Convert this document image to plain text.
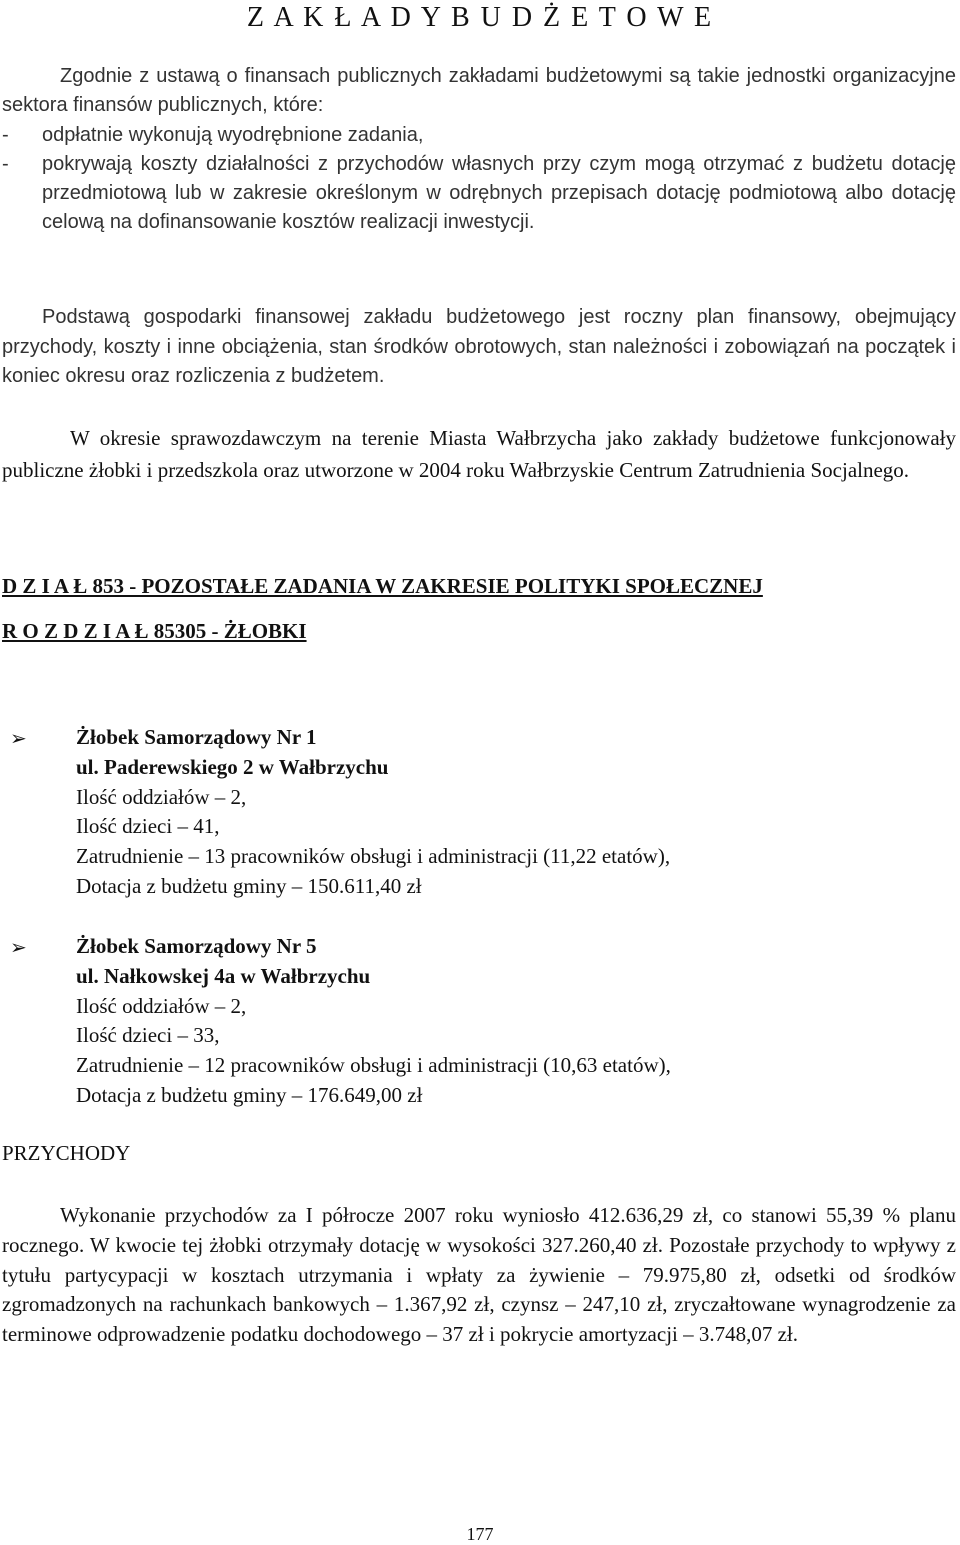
Z A K Ł A D Y B U D Ż E T O W E

Zgodnie z ustawą o finansach publicznych zakładami budżetowymi są takie jednostki organizacyjne sektora finansów publicznych, które:

- odpłatnie wykonują wyodrębnione zadania,

- pokrywają koszty działalności z przychodów własnych przy czym mogą otrzymać z budżetu dotację przedmiotową lub w zakresie określonym w odrębnych przepisach dotację podmiotową albo dotację celową na dofinansowanie kosztów realizacji inwestycji.

Podstawą gospodarki finansowej zakładu budżetowego jest roczny plan finansowy, obejmujący przychody, koszty i inne obciążenia, stan środków obrotowych, stan należności i zobowiązań na początek i koniec okresu oraz rozliczenia z budżetem.

W okresie sprawozdawczym na terenie Miasta Wałbrzycha jako zakłady budżetowe funkcjonowały publiczne żłobki i przedszkola oraz utworzone w 2004 roku Wałbrzyskie Centrum Zatrudnienia Socjalnego.

D Z I A Ł 853 - POZOSTAŁE ZADANIA W ZAKRESIE POLITYKI SPOŁECZNEJ
R O Z D Z I A Ł 85305 - ŻŁOBKI
➢ Żłobek Samorządowy Nr 1
ul. Paderewskiego 2 w Wałbrzychu
Ilość oddziałów – 2,
Ilość dzieci – 41,
Zatrudnienie – 13 pracowników obsługi i administracji (11,22 etatów),
Dotacja z budżetu gminy – 150.611,40 zł
➢ Żłobek Samorządowy Nr 5
ul. Nałkowskej 4a w Wałbrzychu
Ilość oddziałów – 2,
Ilość dzieci – 33,
Zatrudnienie – 12 pracowników obsługi i administracji (10,63 etatów),
Dotacja z budżetu gminy – 176.649,00 zł
PRZYCHODY

Wykonanie przychodów za I półrocze 2007 roku wyniosło 412.636,29 zł, co stanowi 55,39 % planu rocznego. W kwocie tej żłobki otrzymały dotację w wysokości 327.260,40 zł. Pozostałe przychody to wpływy z tytułu partycypacji w kosztach utrzymania i wpłaty za żywienie – 79.975,80 zł, odsetki od środków zgromadzonych na rachunkach bankowych – 1.367,92 zł, czynsz – 247,10 zł, zryczałtowane wynagrodzenie za terminowe odprowadzenie podatku dochodowego – 37 zł i pokrycie amortyzacji – 3.748,07 zł.

177
